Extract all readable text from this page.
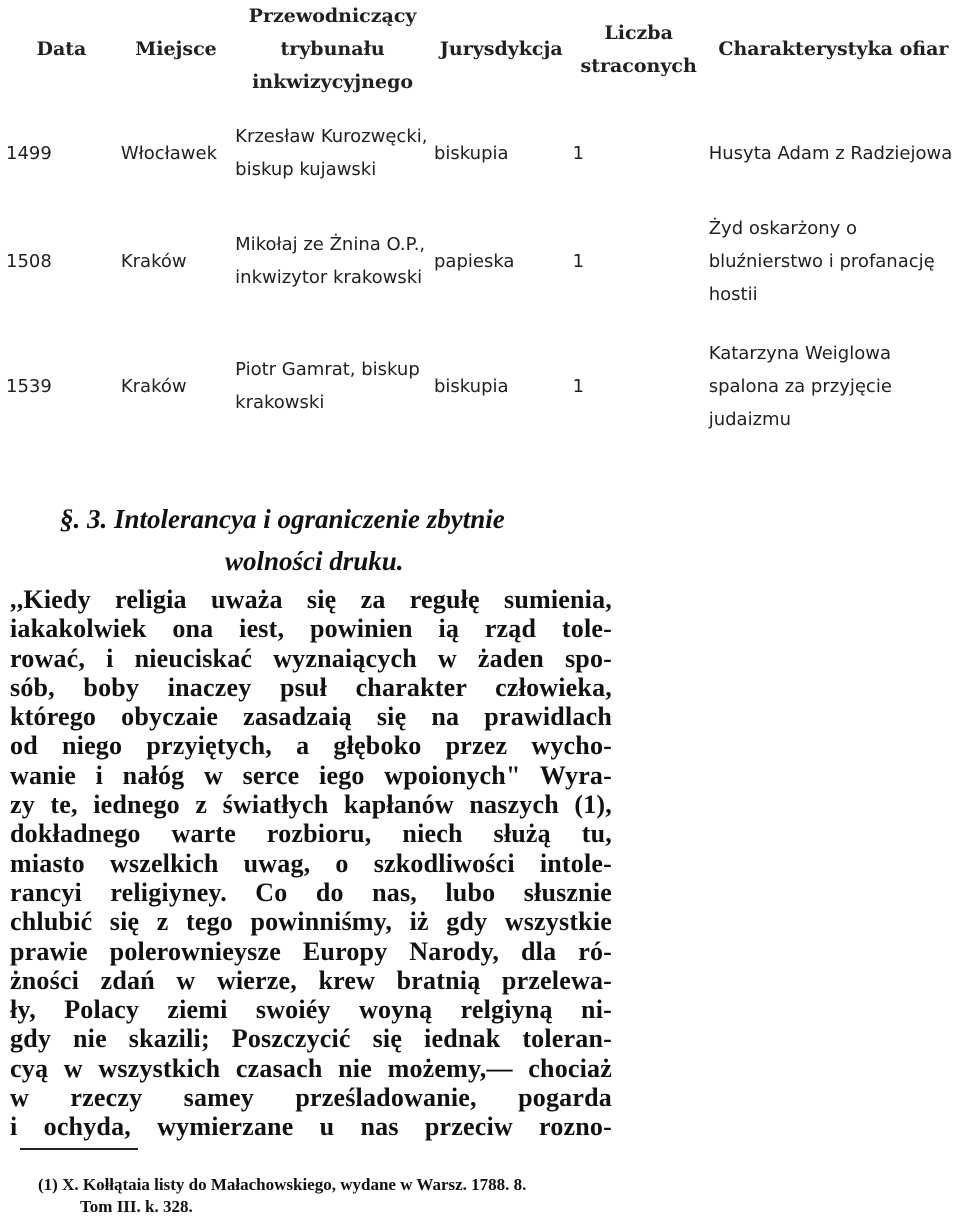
Data	Miejsce	Przewodniczący trybunału inkwizycyjnego	Jurysdykcja	Liczba straconych	Charakterystyka ofiar
1499	Włocławek	Krzesław Kurozwęcki, biskup kujawski	biskupia	1	Husyta Adam z Radziejowa
1508	Kraków	Mikołaj ze Żnina O.P., inkwizytor krakowski	papieska	1	Żyd oskarżony o bluźnierstwo i profanację hostii
1539	Kraków	Piotr Gamrat, biskup krakowski	biskupia	1	Katarzyna Weiglowa spalona za przyjęcie judaizmu
§. 3. Intolerancya i ograniczenie zbytnie
wolności druku.
,,Kiedy religia uważa się za regułę sumienia,
iakakolwiek ona iest, powinien ią rząd tole-
rować, i nieuciskać wyznaiących w żaden spo-
sób, boby inaczey psuł charakter człowieka,
którego obyczaie zasadzaią się na prawidlach
od niego przyiętych, a głęboko przez wycho-
wanie i nałóg w serce iego wpoionych" Wyra-
zy te, iednego z światłych kapłanów naszych (1),
dokładnego warte rozbioru, niech służą tu,
miasto wszelkich uwag, o szkodliwości intole-
rancyi religiyney. Co do nas, lubo słusznie
chlubić się z tego powinniśmy, iż gdy wszystkie
prawie polerownieysze Europy Narody, dla ró-
żności zdań w wierze, krew bratnią przelewa-
ły, Polacy ziemi swoiéy woyną relgiyną ni-
gdy nie skazili; Poszczycić się iednak toleran-
cyą w wszystkich czasach nie możemy,— chociaż
w rzeczy samey prześladowanie, pogarda
i ochyda, wymierzane u nas przeciw rozno-
(1) X. Kołłątaia listy do Małachowskiego, wydane w Warsz. 1788. 8.
Tom III. k. 328.
